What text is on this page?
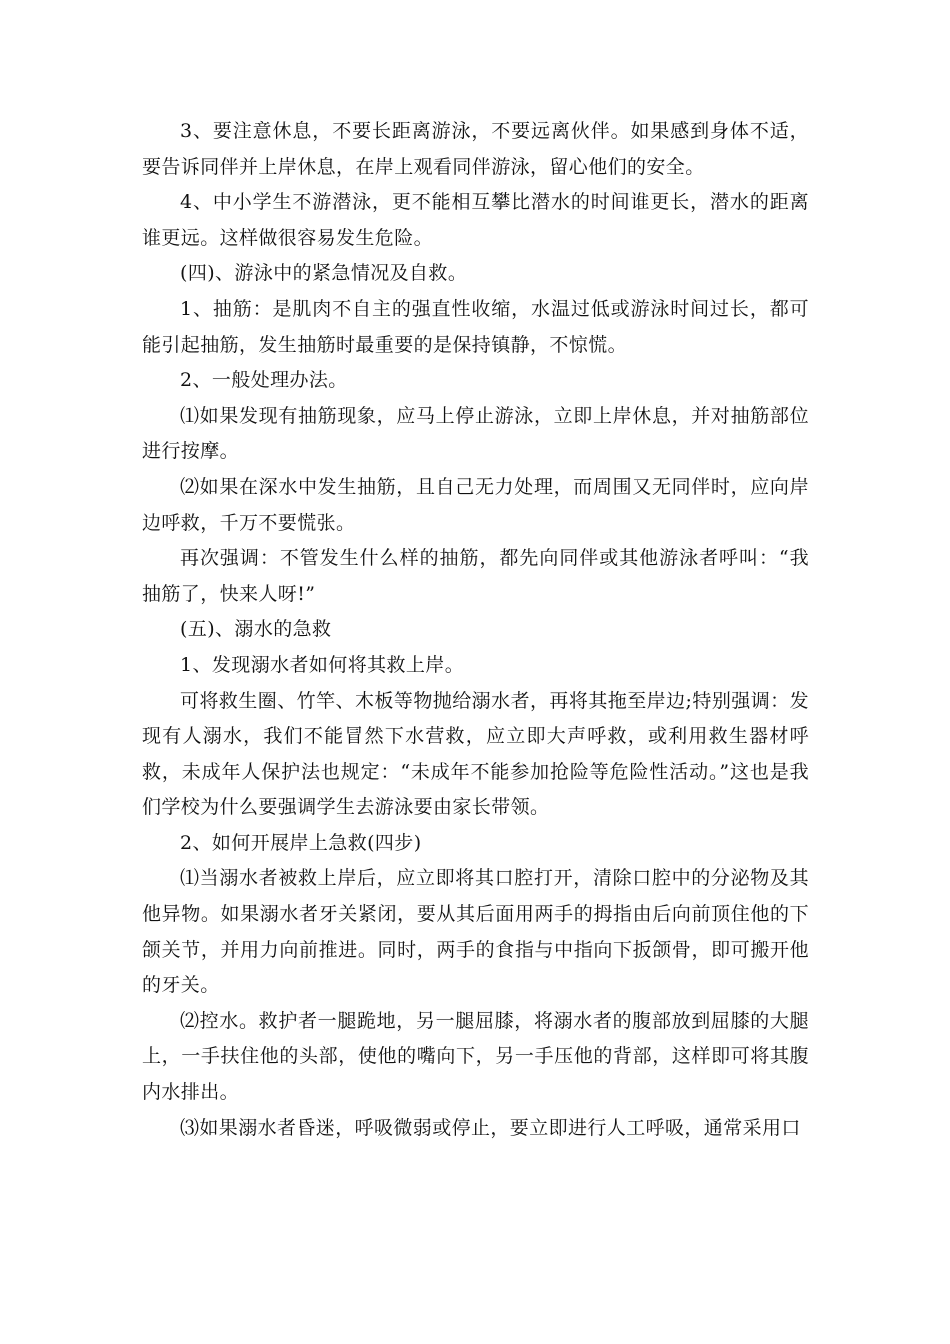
3、要注意休息，不要长距离游泳，不要远离伙伴。如果感到身体不适，要告诉同伴并上岸休息，在岸上观看同伴游泳，留心他们的安全。

4、中小学生不游潜泳，更不能相互攀比潜水的时间谁更长，潜水的距离谁更远。这样做很容易发生危险。

(四)、游泳中的紧急情况及自救。

1、抽筋：是肌肉不自主的强直性收缩，水温过低或游泳时间过长，都可能引起抽筋，发生抽筋时最重要的是保持镇静，不惊慌。

2、一般处理办法。

⑴如果发现有抽筋现象，应马上停止游泳，立即上岸休息，并对抽筋部位进行按摩。

⑵如果在深水中发生抽筋，且自己无力处理，而周围又无同伴时，应向岸边呼救，千万不要慌张。

再次强调：不管发生什么样的抽筋，都先向同伴或其他游泳者呼叫：“我抽筋了，快来人呀!”

(五)、溺水的急救

1、发现溺水者如何将其救上岸。

可将救生圈、竹竿、木板等物抛给溺水者，再将其拖至岸边;特别强调：发现有人溺水，我们不能冒然下水营救，应立即大声呼救，或利用救生器材呼救，未成年人保护法也规定：“未成年不能参加抢险等危险性活动。”这也是我们学校为什么要强调学生去游泳要由家长带领。

2、如何开展岸上急救(四步)

⑴当溺水者被救上岸后，应立即将其口腔打开，清除口腔中的分泌物及其他异物。如果溺水者牙关紧闭，要从其后面用两手的拇指由后向前顶住他的下颌关节，并用力向前推进。同时，两手的食指与中指向下扳颌骨，即可搬开他的牙关。

⑵控水。救护者一腿跪地，另一腿屈膝，将溺水者的腹部放到屈膝的大腿上，一手扶住他的头部，使他的嘴向下，另一手压他的背部，这样即可将其腹内水排出。

⑶如果溺水者昏迷，呼吸微弱或停止，要立即进行人工呼吸，通常采用口
